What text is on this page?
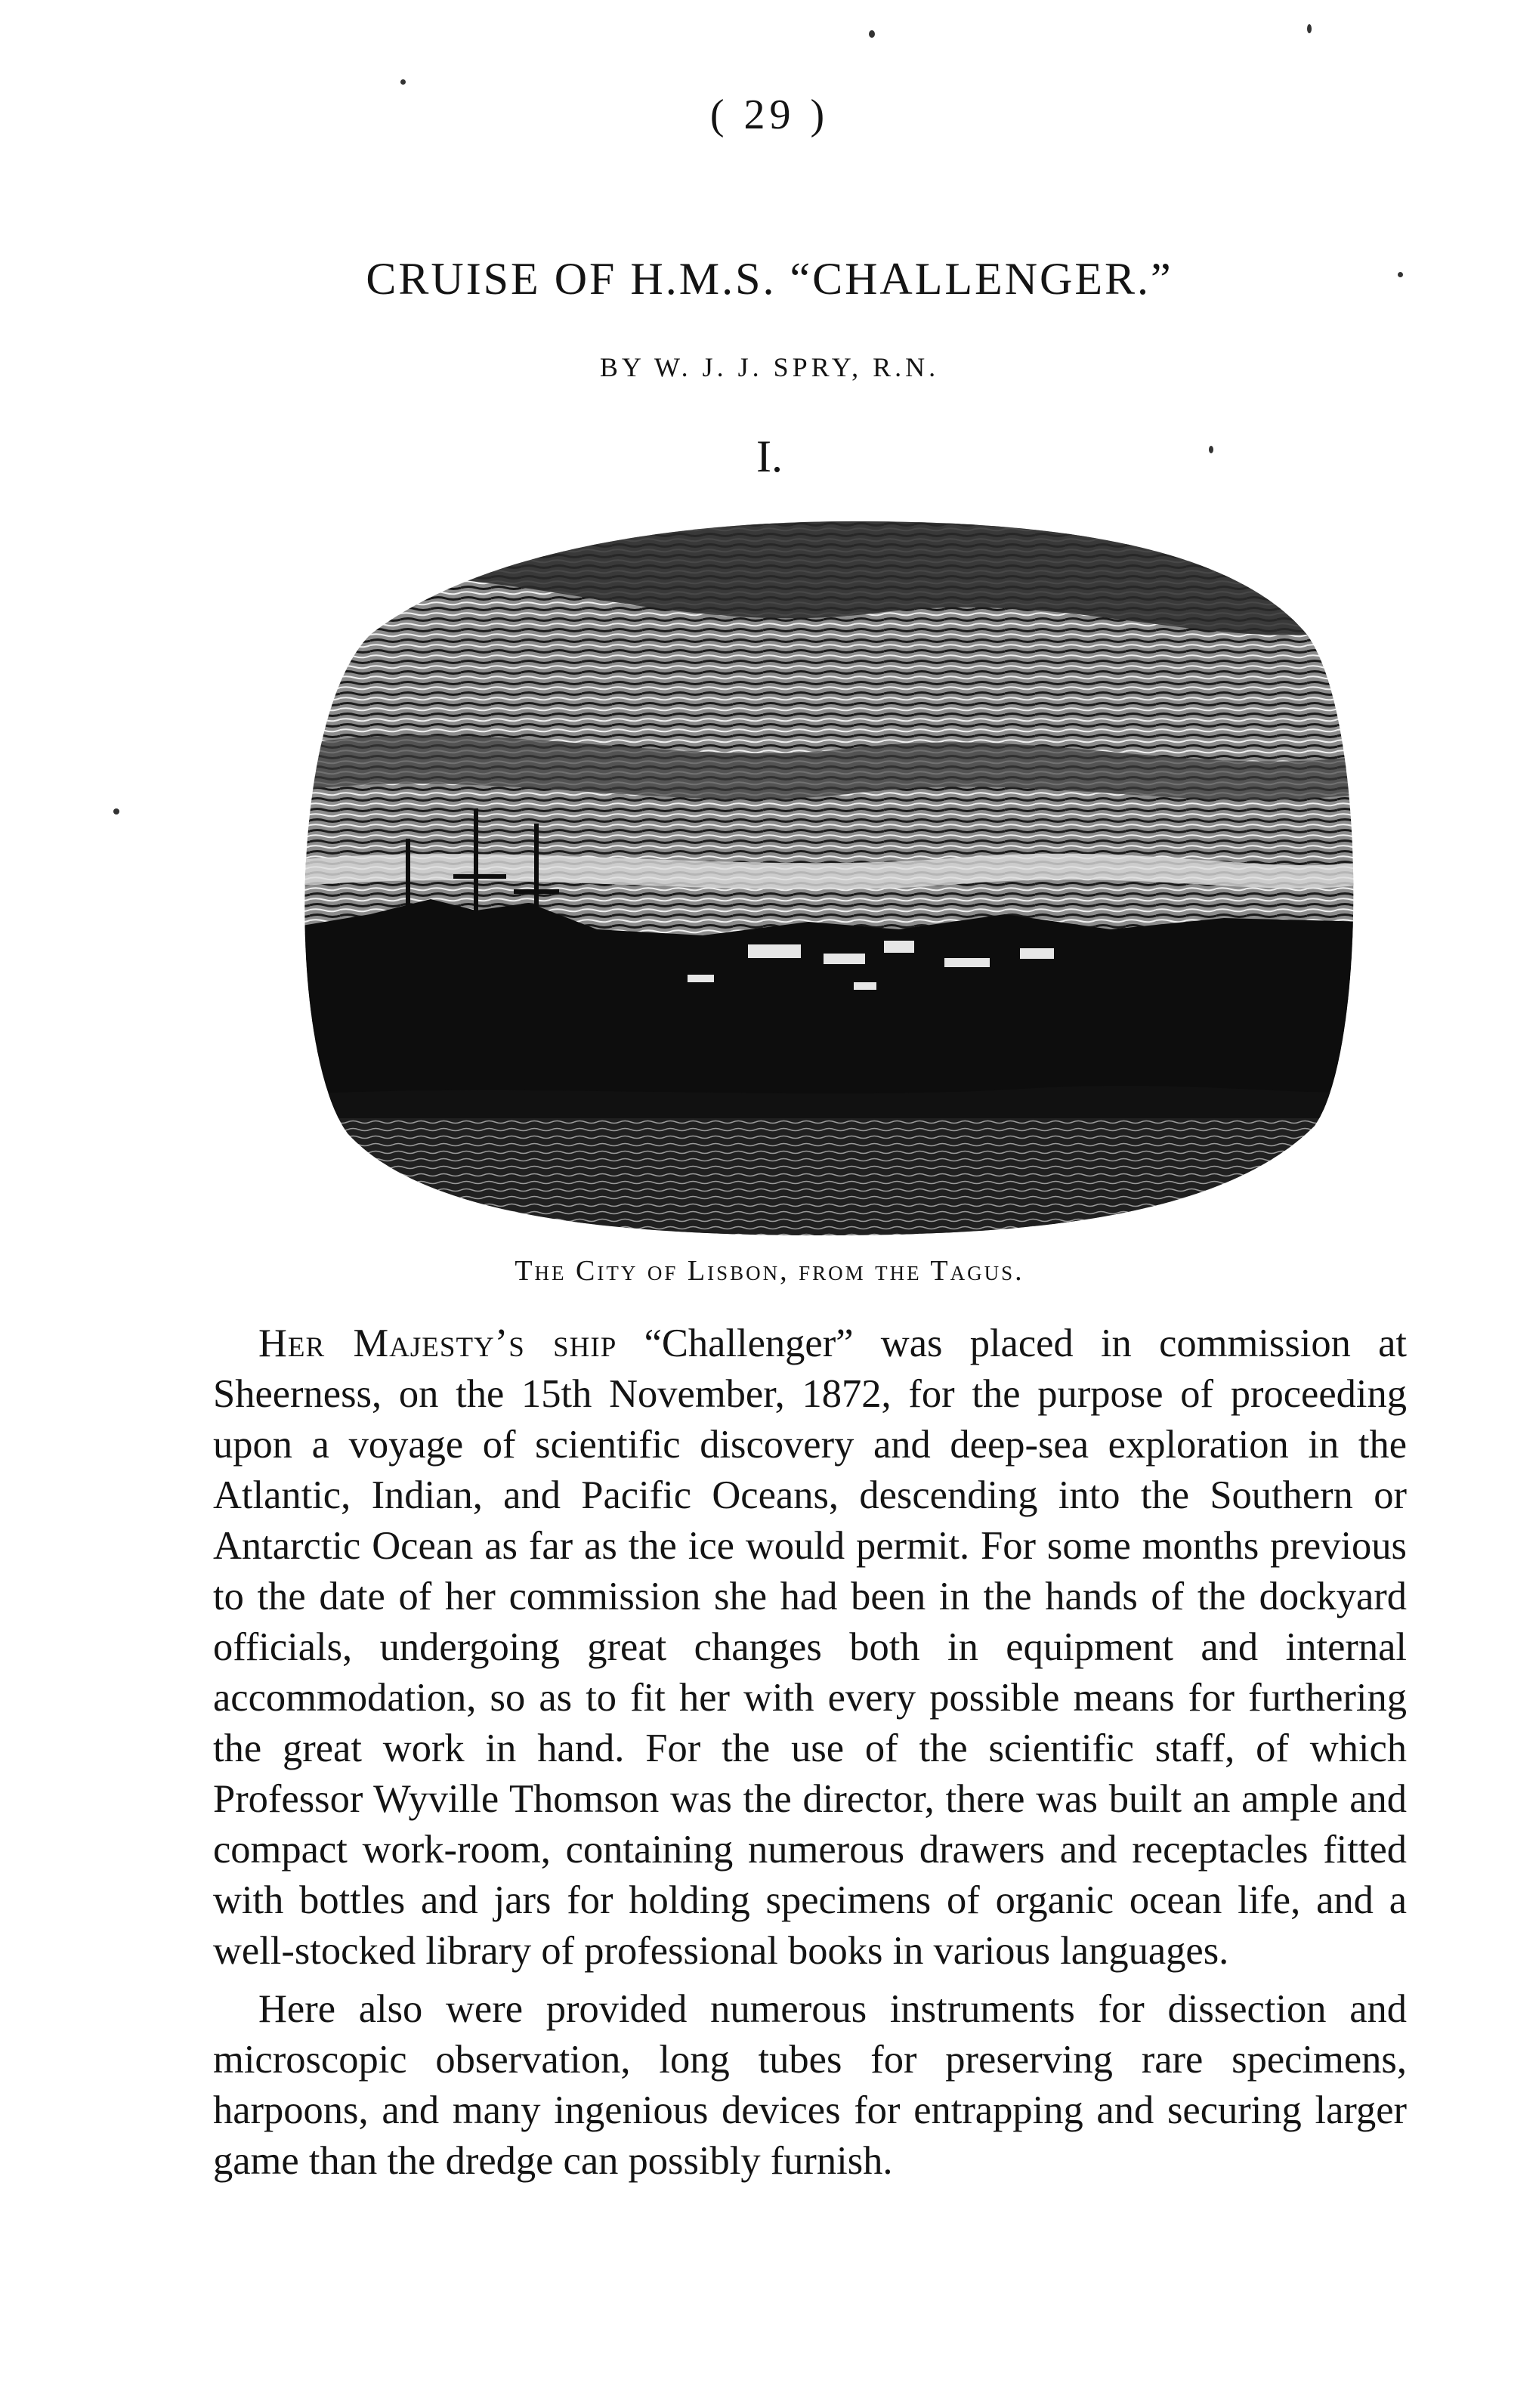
( 29 )
CRUISE OF H.M.S. “CHALLENGER.”
BY W. J. J. SPRY, R.N.
I.
The City of Lisbon, from the Tagus.

Her Majesty’s ship “Challenger” was placed in commission at Sheerness, on the 15th November, 1872, for the purpose of proceeding upon a voyage of scientific discovery and deep-sea exploration in the Atlantic, Indian, and Pacific Oceans, descending into the Southern or Antarctic Ocean as far as the ice would permit. For some months previous to the date of her commission she had been in the hands of the dockyard officials, undergoing great changes both in equipment and internal accommodation, so as to fit her with every possible means for furthering the great work in hand. For the use of the scientific staff, of which Professor Wyville Thomson was the director, there was built an ample and compact work-room, containing numerous drawers and receptacles fitted with bottles and jars for holding specimens of organic ocean life, and a well-stocked library of professional books in various languages.

Here also were provided numerous instruments for dissection and microscopic observation, long tubes for preserving rare specimens, harpoons, and many ingenious devices for entrapping and securing larger game than the dredge can possibly furnish.
